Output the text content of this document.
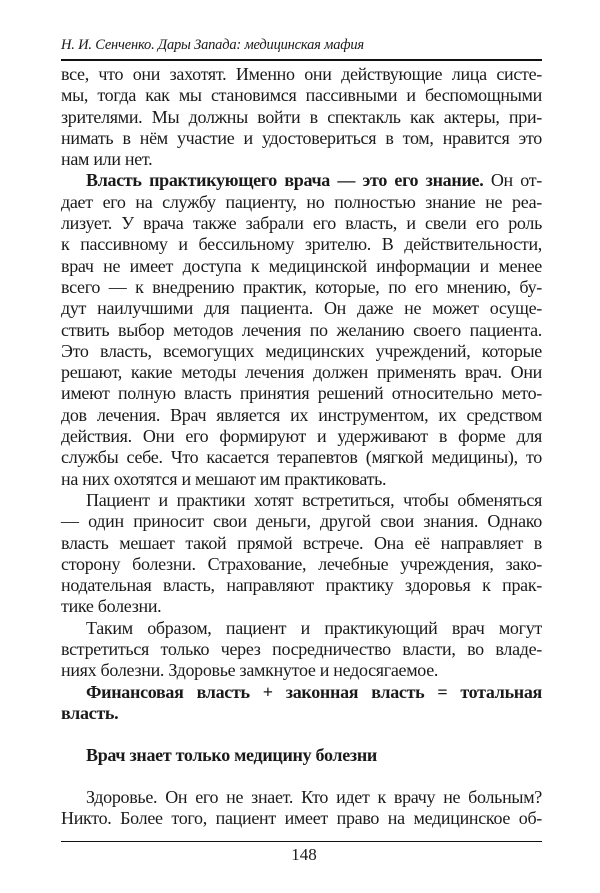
Н. И. Сенченко. Дары Запада: медицинская мафия
все, что они захотят. Именно они действующие лица систе-
мы, тогда как мы становимся пассивными и беспомощными
зрителями. Мы должны войти в спектакль как актеры, при-
нимать в нём участие и удостовериться в том, нравится это
нам или нет.
Власть практикующего врача — это его знание. Он от-
дает его на службу пациенту, но полностью знание не реа-
лизует. У врача также забрали его власть, и свели его роль
к пассивному и бессильному зрителю. В действительности,
врач не имеет доступа к медицинской информации и менее
всего — к внедрению практик, которые, по его мнению, бу-
дут наилучшими для пациента. Он даже не может осуще-
ствить выбор методов лечения по желанию своего пациента.
Это власть, всемогущих медицинских учреждений, которые
решают, какие методы лечения должен применять врач. Они
имеют полную власть принятия решений относительно мето-
дов лечения. Врач является их инструментом, их средством
действия. Они его формируют и удерживают в форме для
службы себе. Что касается терапевтов (мягкой медицины), то
на них охотятся и мешают им практиковать.
Пациент и практики хотят встретиться, чтобы обменяться
— один приносит свои деньги, другой свои знания. Однако
власть мешает такой прямой встрече. Она её направляет в
сторону болезни. Страхование, лечебные учреждения, зако-
нодательная власть, направляют практику здоровья к прак-
тике болезни.
Таким образом, пациент и практикующий врач могут
встретиться только через посредничество власти, во владе-
ниях болезни. Здоровье замкнутое и недосягаемое.
Финансовая власть + законная власть = тотальная
власть.
Врач знает только медицину болезни
Здоровье. Он его не знает. Кто идет к врачу не больным?
Никто. Более того, пациент имеет право на медицинское об-
148
